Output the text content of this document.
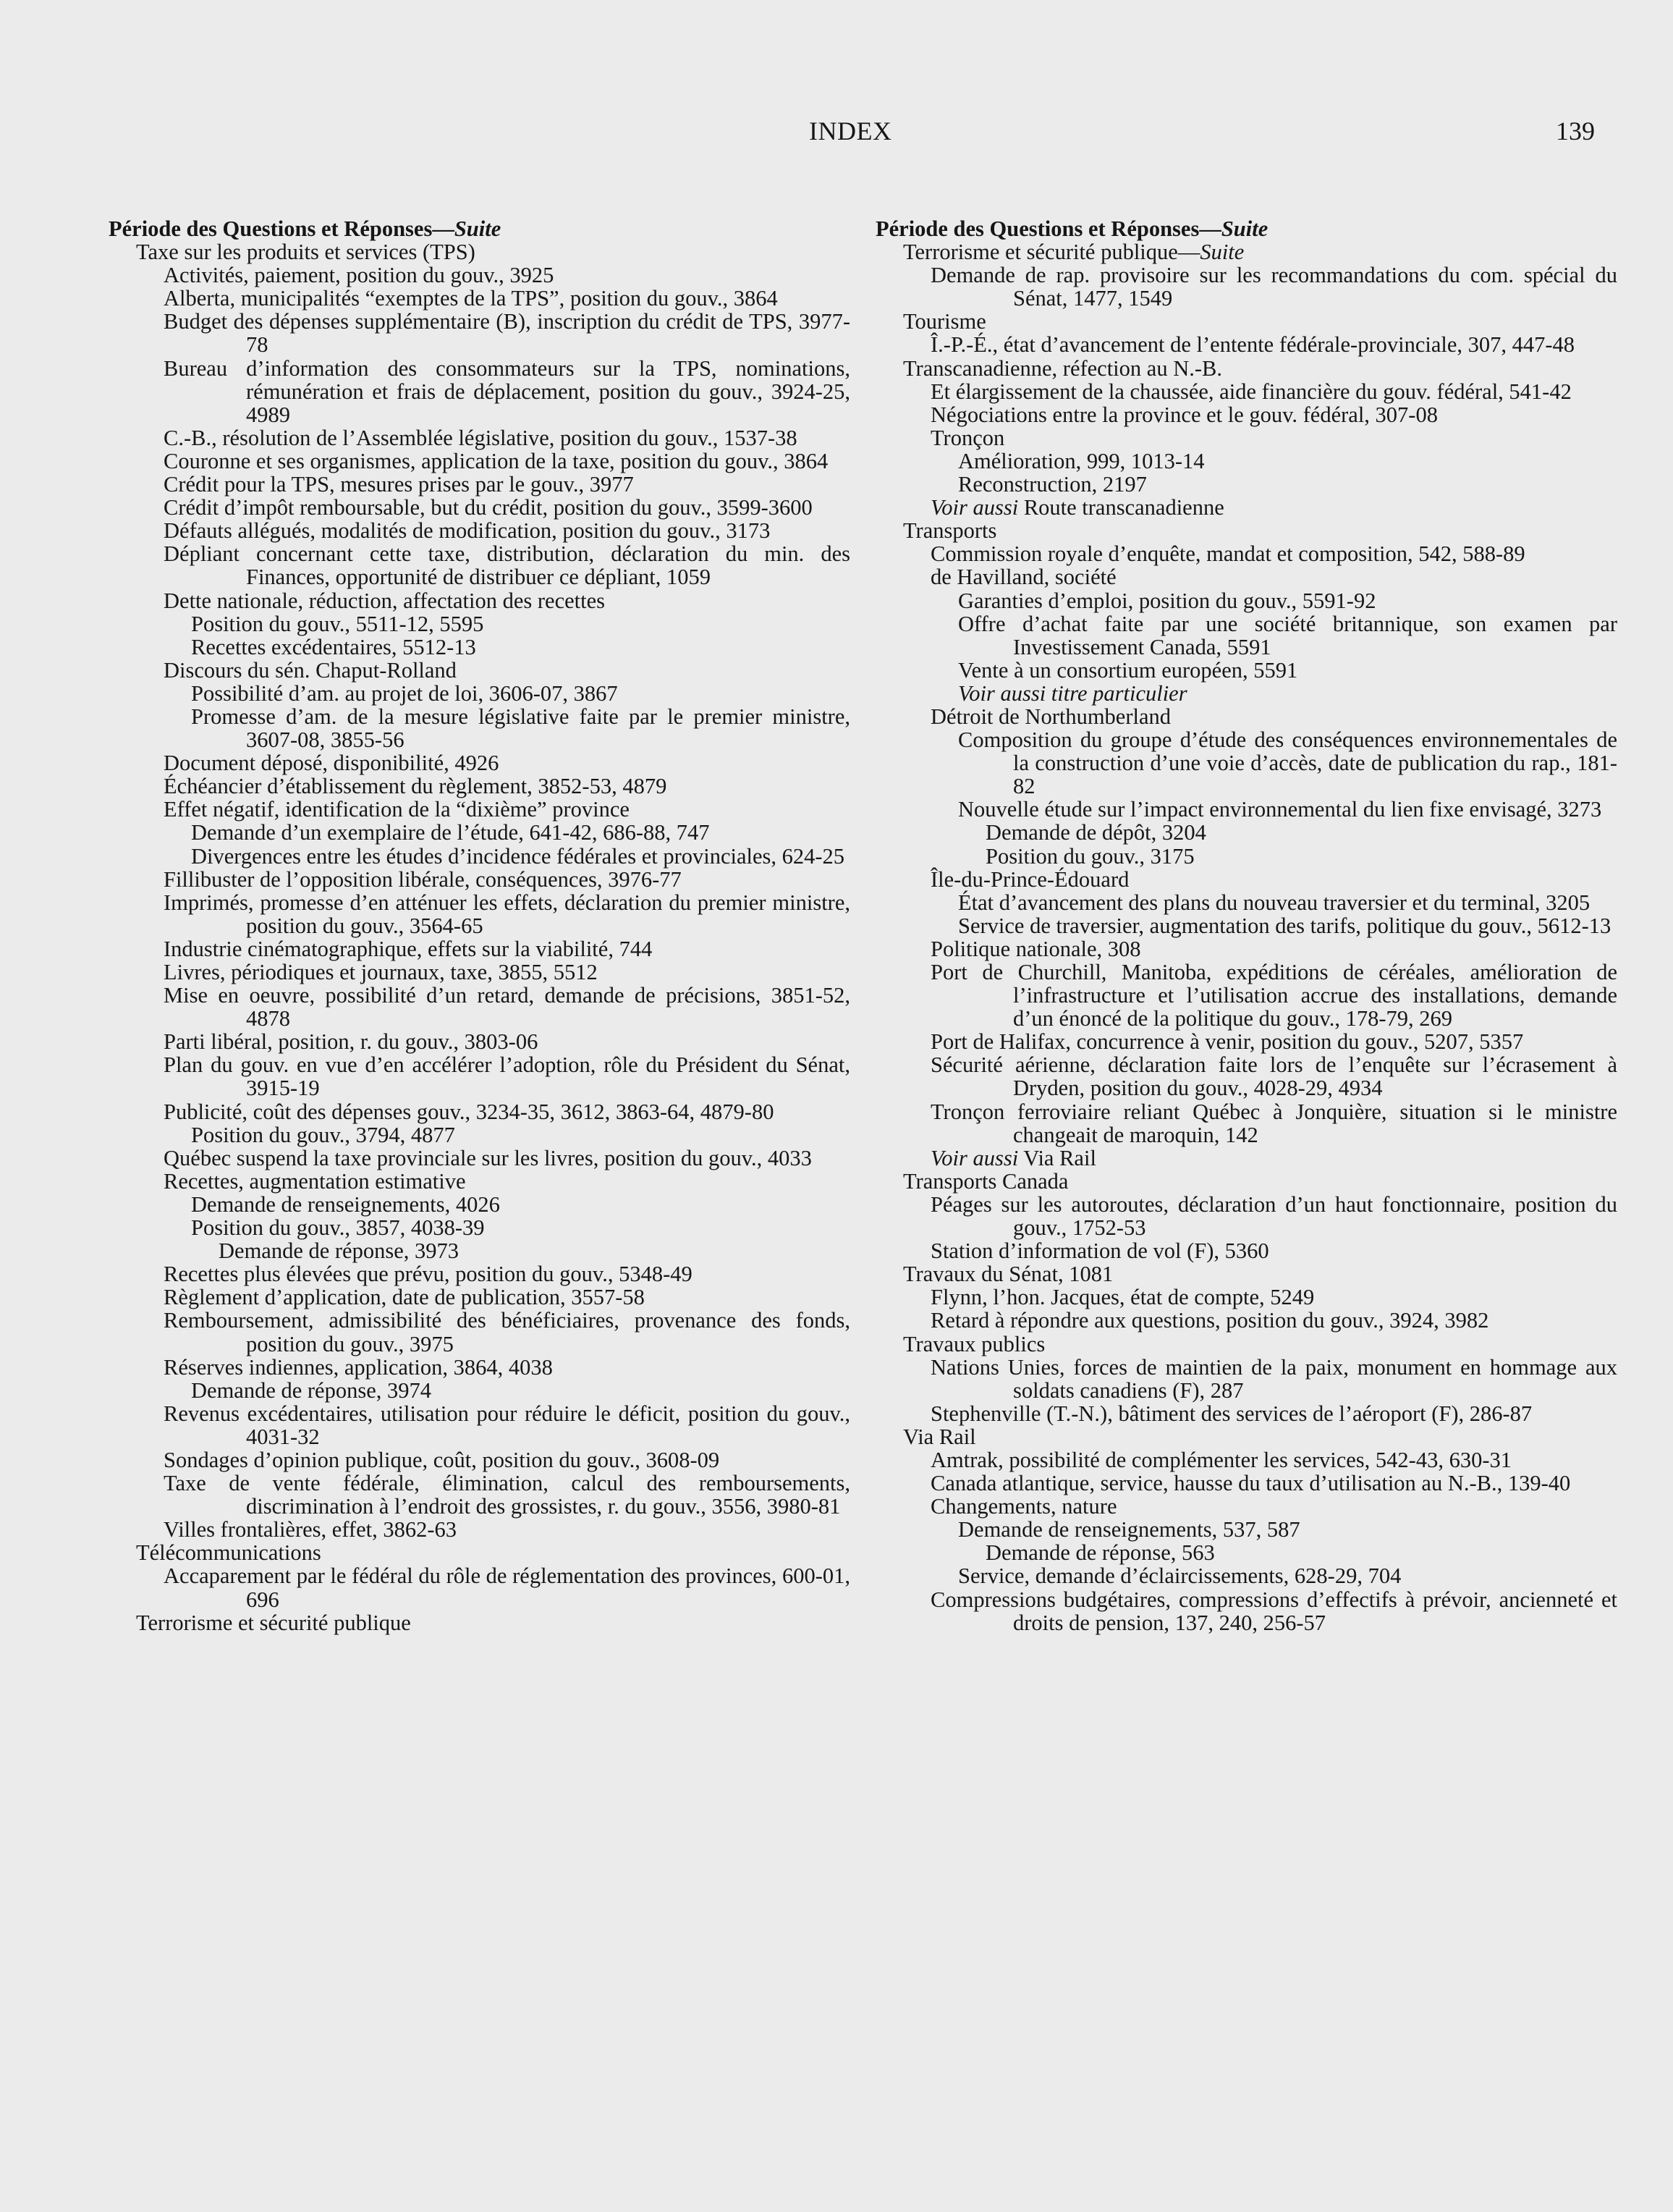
INDEX	139
Période des Questions et Réponses—Suite
Taxe sur les produits et services (TPS)
Activités, paiement, position du gouv., 3925
Alberta, municipalités “exemptes de la TPS”, position du gouv., 3864
Budget des dépenses supplémentaire (B), inscription du crédit de TPS, 3977-78
Bureau d’information des consommateurs sur la TPS, nominations, rémunération et frais de déplacement, position du gouv., 3924-25, 4989
C.-B., résolution de l’Assemblée législative, position du gouv., 1537-38
Couronne et ses organismes, application de la taxe, position du gouv., 3864
Crédit pour la TPS, mesures prises par le gouv., 3977
Crédit d’impôt remboursable, but du crédit, position du gouv., 3599-3600
Défauts allégués, modalités de modification, position du gouv., 3173
Dépliant concernant cette taxe, distribution, déclaration du min. des Finances, opportunité de distribuer ce dépliant, 1059
Dette nationale, réduction, affectation des recettes
Position du gouv., 5511-12, 5595
Recettes excédentaires, 5512-13
Discours du sén. Chaput-Rolland
Possibilité d’am. au projet de loi, 3606-07, 3867
Promesse d’am. de la mesure législative faite par le premier ministre, 3607-08, 3855-56
Document déposé, disponibilité, 4926
Échéancier d’établissement du règlement, 3852-53, 4879
Effet négatif, identification de la “dixième” province
Demande d’un exemplaire de l’étude, 641-42, 686-88, 747
Divergences entre les études d’incidence fédérales et provinciales, 624-25
Fillibuster de l’opposition libérale, conséquences, 3976-77
Imprimés, promesse d’en atténuer les effets, déclaration du premier ministre, position du gouv., 3564-65
Industrie cinématographique, effets sur la viabilité, 744
Livres, périodiques et journaux, taxe, 3855, 5512
Mise en oeuvre, possibilité d’un retard, demande de précisions, 3851-52, 4878
Parti libéral, position, r. du gouv., 3803-06
Plan du gouv. en vue d’en accélérer l’adoption, rôle du Président du Sénat, 3915-19
Publicité, coût des dépenses gouv., 3234-35, 3612, 3863-64, 4879-80
Position du gouv., 3794, 4877
Québec suspend la taxe provinciale sur les livres, position du gouv., 4033
Recettes, augmentation estimative
Demande de renseignements, 4026
Position du gouv., 3857, 4038-39
Demande de réponse, 3973
Recettes plus élevées que prévu, position du gouv., 5348-49
Règlement d’application, date de publication, 3557-58
Remboursement, admissibilité des bénéficiaires, provenance des fonds, position du gouv., 3975
Réserves indiennes, application, 3864, 4038
Demande de réponse, 3974
Revenus excédentaires, utilisation pour réduire le déficit, position du gouv., 4031-32
Sondages d’opinion publique, coût, position du gouv., 3608-09
Taxe de vente fédérale, élimination, calcul des remboursements, discrimination à l’endroit des grossistes, r. du gouv., 3556, 3980-81
Villes frontalières, effet, 3862-63
Télécommunications
Accaparement par le fédéral du rôle de réglementation des provinces, 600-01, 696
Terrorisme et sécurité publique
Période des Questions et Réponses—Suite
Terrorisme et sécurité publique—Suite
Demande de rap. provisoire sur les recommandations du com. spécial du Sénat, 1477, 1549
Tourisme
Î.-P.-É., état d’avancement de l’entente fédérale-provinciale, 307, 447-48
Transcanadienne, réfection au N.-B.
Et élargissement de la chaussée, aide financière du gouv. fédéral, 541-42
Négociations entre la province et le gouv. fédéral, 307-08
Tronçon
Amélioration, 999, 1013-14
Reconstruction, 2197
Voir aussi Route transcanadienne
Transports
Commission royale d’enquête, mandat et composition, 542, 588-89
de Havilland, société
Garanties d’emploi, position du gouv., 5591-92
Offre d’achat faite par une société britannique, son examen par Investissement Canada, 5591
Vente à un consortium européen, 5591
Voir aussi titre particulier
Détroit de Northumberland
Composition du groupe d’étude des conséquences environnementales de la construction d’une voie d’accès, date de publication du rap., 181-82
Nouvelle étude sur l’impact environnemental du lien fixe envisagé, 3273
Demande de dépôt, 3204
Position du gouv., 3175
Île-du-Prince-Édouard
État d’avancement des plans du nouveau traversier et du terminal, 3205
Service de traversier, augmentation des tarifs, politique du gouv., 5612-13
Politique nationale, 308
Port de Churchill, Manitoba, expéditions de céréales, amélioration de l’infrastructure et l’utilisation accrue des installations, demande d’un énoncé de la politique du gouv., 178-79, 269
Port de Halifax, concurrence à venir, position du gouv., 5207, 5357
Sécurité aérienne, déclaration faite lors de l’enquête sur l’écrasement à Dryden, position du gouv., 4028-29, 4934
Tronçon ferroviaire reliant Québec à Jonquière, situation si le ministre changeait de maroquin, 142
Voir aussi Via Rail
Transports Canada
Péages sur les autoroutes, déclaration d’un haut fonctionnaire, position du gouv., 1752-53
Station d’information de vol (F), 5360
Travaux du Sénat, 1081
Flynn, l’hon. Jacques, état de compte, 5249
Retard à répondre aux questions, position du gouv., 3924, 3982
Travaux publics
Nations Unies, forces de maintien de la paix, monument en hommage aux soldats canadiens (F), 287
Stephenville (T.-N.), bâtiment des services de l’aéroport (F), 286-87
Via Rail
Amtrak, possibilité de complémenter les services, 542-43, 630-31
Canada atlantique, service, hausse du taux d’utilisation au N.-B., 139-40
Changements, nature
Demande de renseignements, 537, 587
Demande de réponse, 563
Service, demande d’éclaircissements, 628-29, 704
Compressions budgétaires, compressions d’effectifs à prévoir, ancienneté et droits de pension, 137, 240, 256-57
